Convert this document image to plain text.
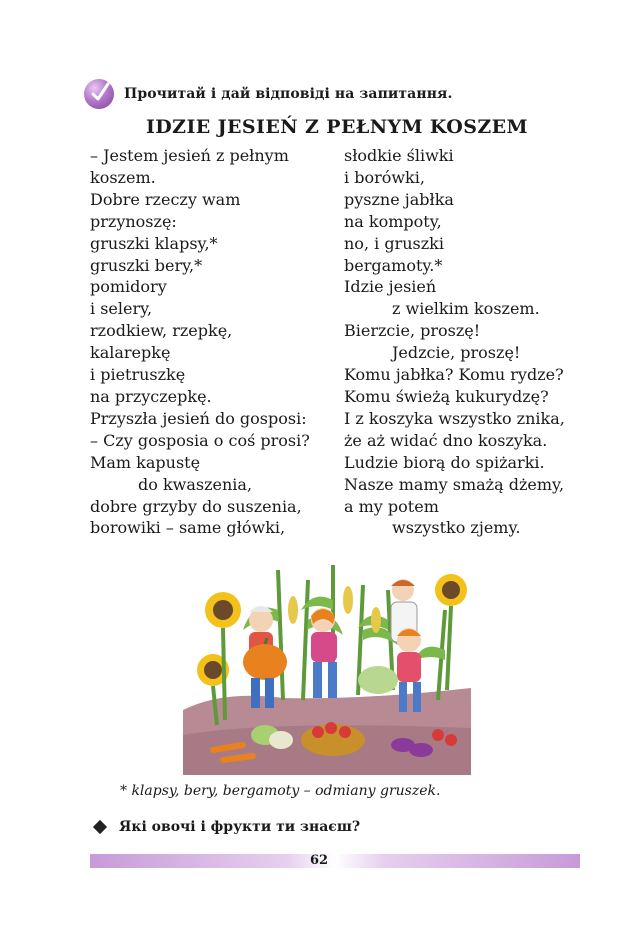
Прочитай і дай відповіді на запитання.
IDZIE JESIEŃ Z PEŁNYM KOSZEM
– Jestem jesień z pełnym
koszem.
Dobre rzeczy wam
przynoszę:
gruszki klapsy,*
gruszki bery,*
pomidory
i selery,
rzodkiew, rzepkę,
kalarepkę
i pietruszkę
na przyczepkę.
Przyszła jesień do gosposi:
– Czy gosposia o coś prosi?
Mam kapustę
do kwaszenia,
dobre grzyby do suszenia,
borowiki – same główki,
słodkie śliwki
i borówki,
pyszne jabłka
na kompoty,
no, i gruszki
bergamoty.*
Idzie jesień
z wielkim koszem.
Bierzcie, proszę!
Jedzcie, proszę!
Komu jabłka? Komu rydze?
Komu świeżą kukurydzę?
I z koszyka wszystko znika,
że aż widać dno koszyka.
Ludzie biorą do spiżarki.
Nasze mamy smażą dżemy,
a my potem
wszystko zjemy.
* klapsy, bery, bergamoty – odmiany gruszek.
Які овочі і фрукти ти знаєш?
62
